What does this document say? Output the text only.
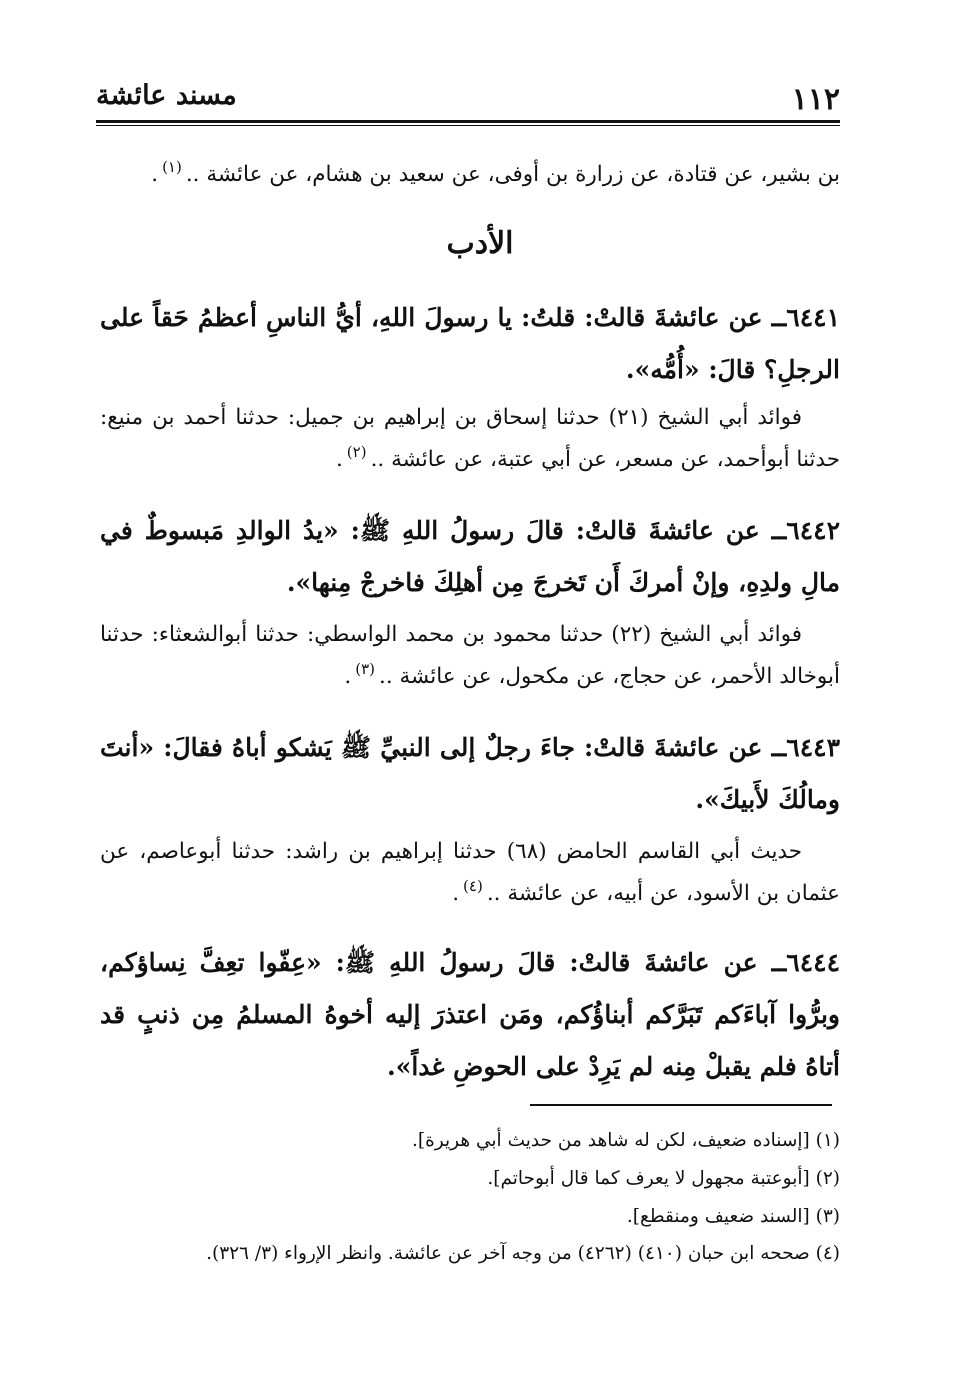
١١٢
مسند عائشة
بن بشير، عن قتادة، عن زرارة بن أوفى، عن سعيد بن هشام، عن عائشة ..$^{(١)}$.
الأدب
٦٤٤١ــ عن عائشةَ قالتْ: قلتُ: يا رسولَ اللهِ، أيُّ الناسِ أعظمُ حَقاً على الرجلِ؟ قالَ: «أُمُّه».
فوائد أبي الشيخ (٢١) حدثنا إسحاق بن إبراهيم بن جميل: حدثنا أحمد بن منيع: حدثنا أبوأحمد، عن مسعر، عن أبي عتبة، عن عائشة ..$^{(٢)}$.
٦٤٤٢ــ عن عائشةَ قالتْ: قالَ رسولُ اللهِ ﷺ: «يدُ الوالدِ مَبسوطٌ في مالِ ولدِهِ، وإنْ أمركَ أَن تَخرجَ مِن أهلِكَ فاخرجْ مِنها».
فوائد أبي الشيخ (٢٢) حدثنا محمود بن محمد الواسطي: حدثنا أبوالشعثاء: حدثنا أبوخالد الأحمر، عن حجاج، عن مكحول، عن عائشة ..$^{(٣)}$.
٦٤٤٣ــ عن عائشةَ قالتْ: جاءَ رجلٌ إلى النبيِّ ﷺ يَشكو أباهُ فقالَ: «أنتَ ومالُكَ لأَبيكَ».
حديث أبي القاسم الحامض (٦٨) حدثنا إبراهيم بن راشد: حدثنا أبوعاصم، عن عثمان بن الأسود، عن أبيه، عن عائشة ..$^{(٤)}$.
٦٤٤٤ــ عن عائشةَ قالتْ: قالَ رسولُ اللهِ ﷺ: «عِفّوا تعِفَّ نِساؤكم، وبرُّوا آباءَكم تَبَرَّكم أبناؤُكم، ومَن اعتذرَ إليه أخوهُ المسلمُ مِن ذنبٍ قد أتاهُ فلم يقبلْ مِنه لم يَرِدْ على الحوضِ غداً».
(١) [إسناده ضعيف، لكن له شاهد من حديث أبي هريرة].
(٢) [أبوعتبة مجهول لا يعرف كما قال أبوحاتم].
(٣) [السند ضعيف ومنقطع].
(٤) صححه ابن حبان (٤١٠) (٤٢٦٢) من وجه آخر عن عائشة. وانظر الإرواء (٣/ ٣٢٦).
